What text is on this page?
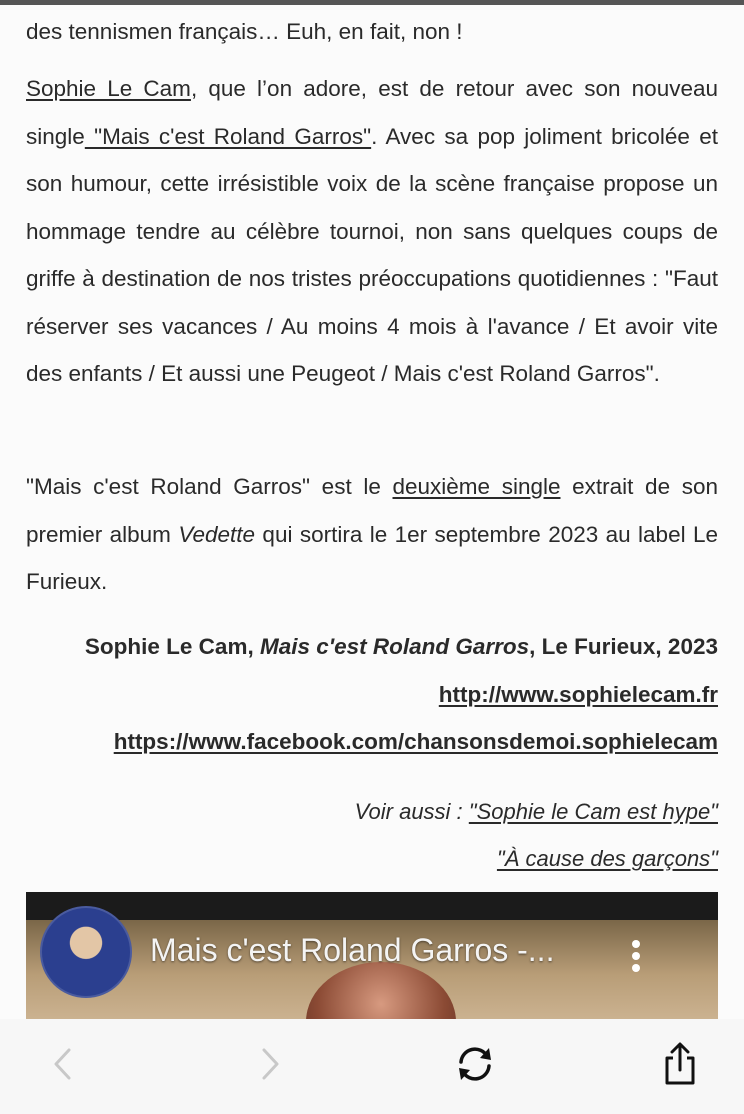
des tennismen français… Euh, en fait, non !

Sophie Le Cam, que l’on adore, est de retour avec son nouveau single "Mais c'est Roland Garros". Avec sa pop joliment bricolée et son humour, cette irrésistible voix de la scène française propose un hommage tendre au célèbre tournoi, non sans quelques coups de griffe à destination de nos tristes préoccupations quotidiennes : "Faut réserver ses vacances / Au moins 4 mois à l'avance / Et avoir vite des enfants / Et aussi une Peugeot / Mais c'est Roland Garros".

"Mais c'est Roland Garros" est le deuxième single extrait de son premier album Vedette qui sortira le 1er septembre 2023 au label Le Furieux.

Sophie Le Cam, Mais c'est Roland Garros, Le Furieux, 2023
http://www.sophielecam.fr
https://www.facebook.com/chansonsdemoi.sophielecam
Voir aussi : "Sophie le Cam est hype"
"À cause des garçons"
Mais c'est Roland Garros -...
